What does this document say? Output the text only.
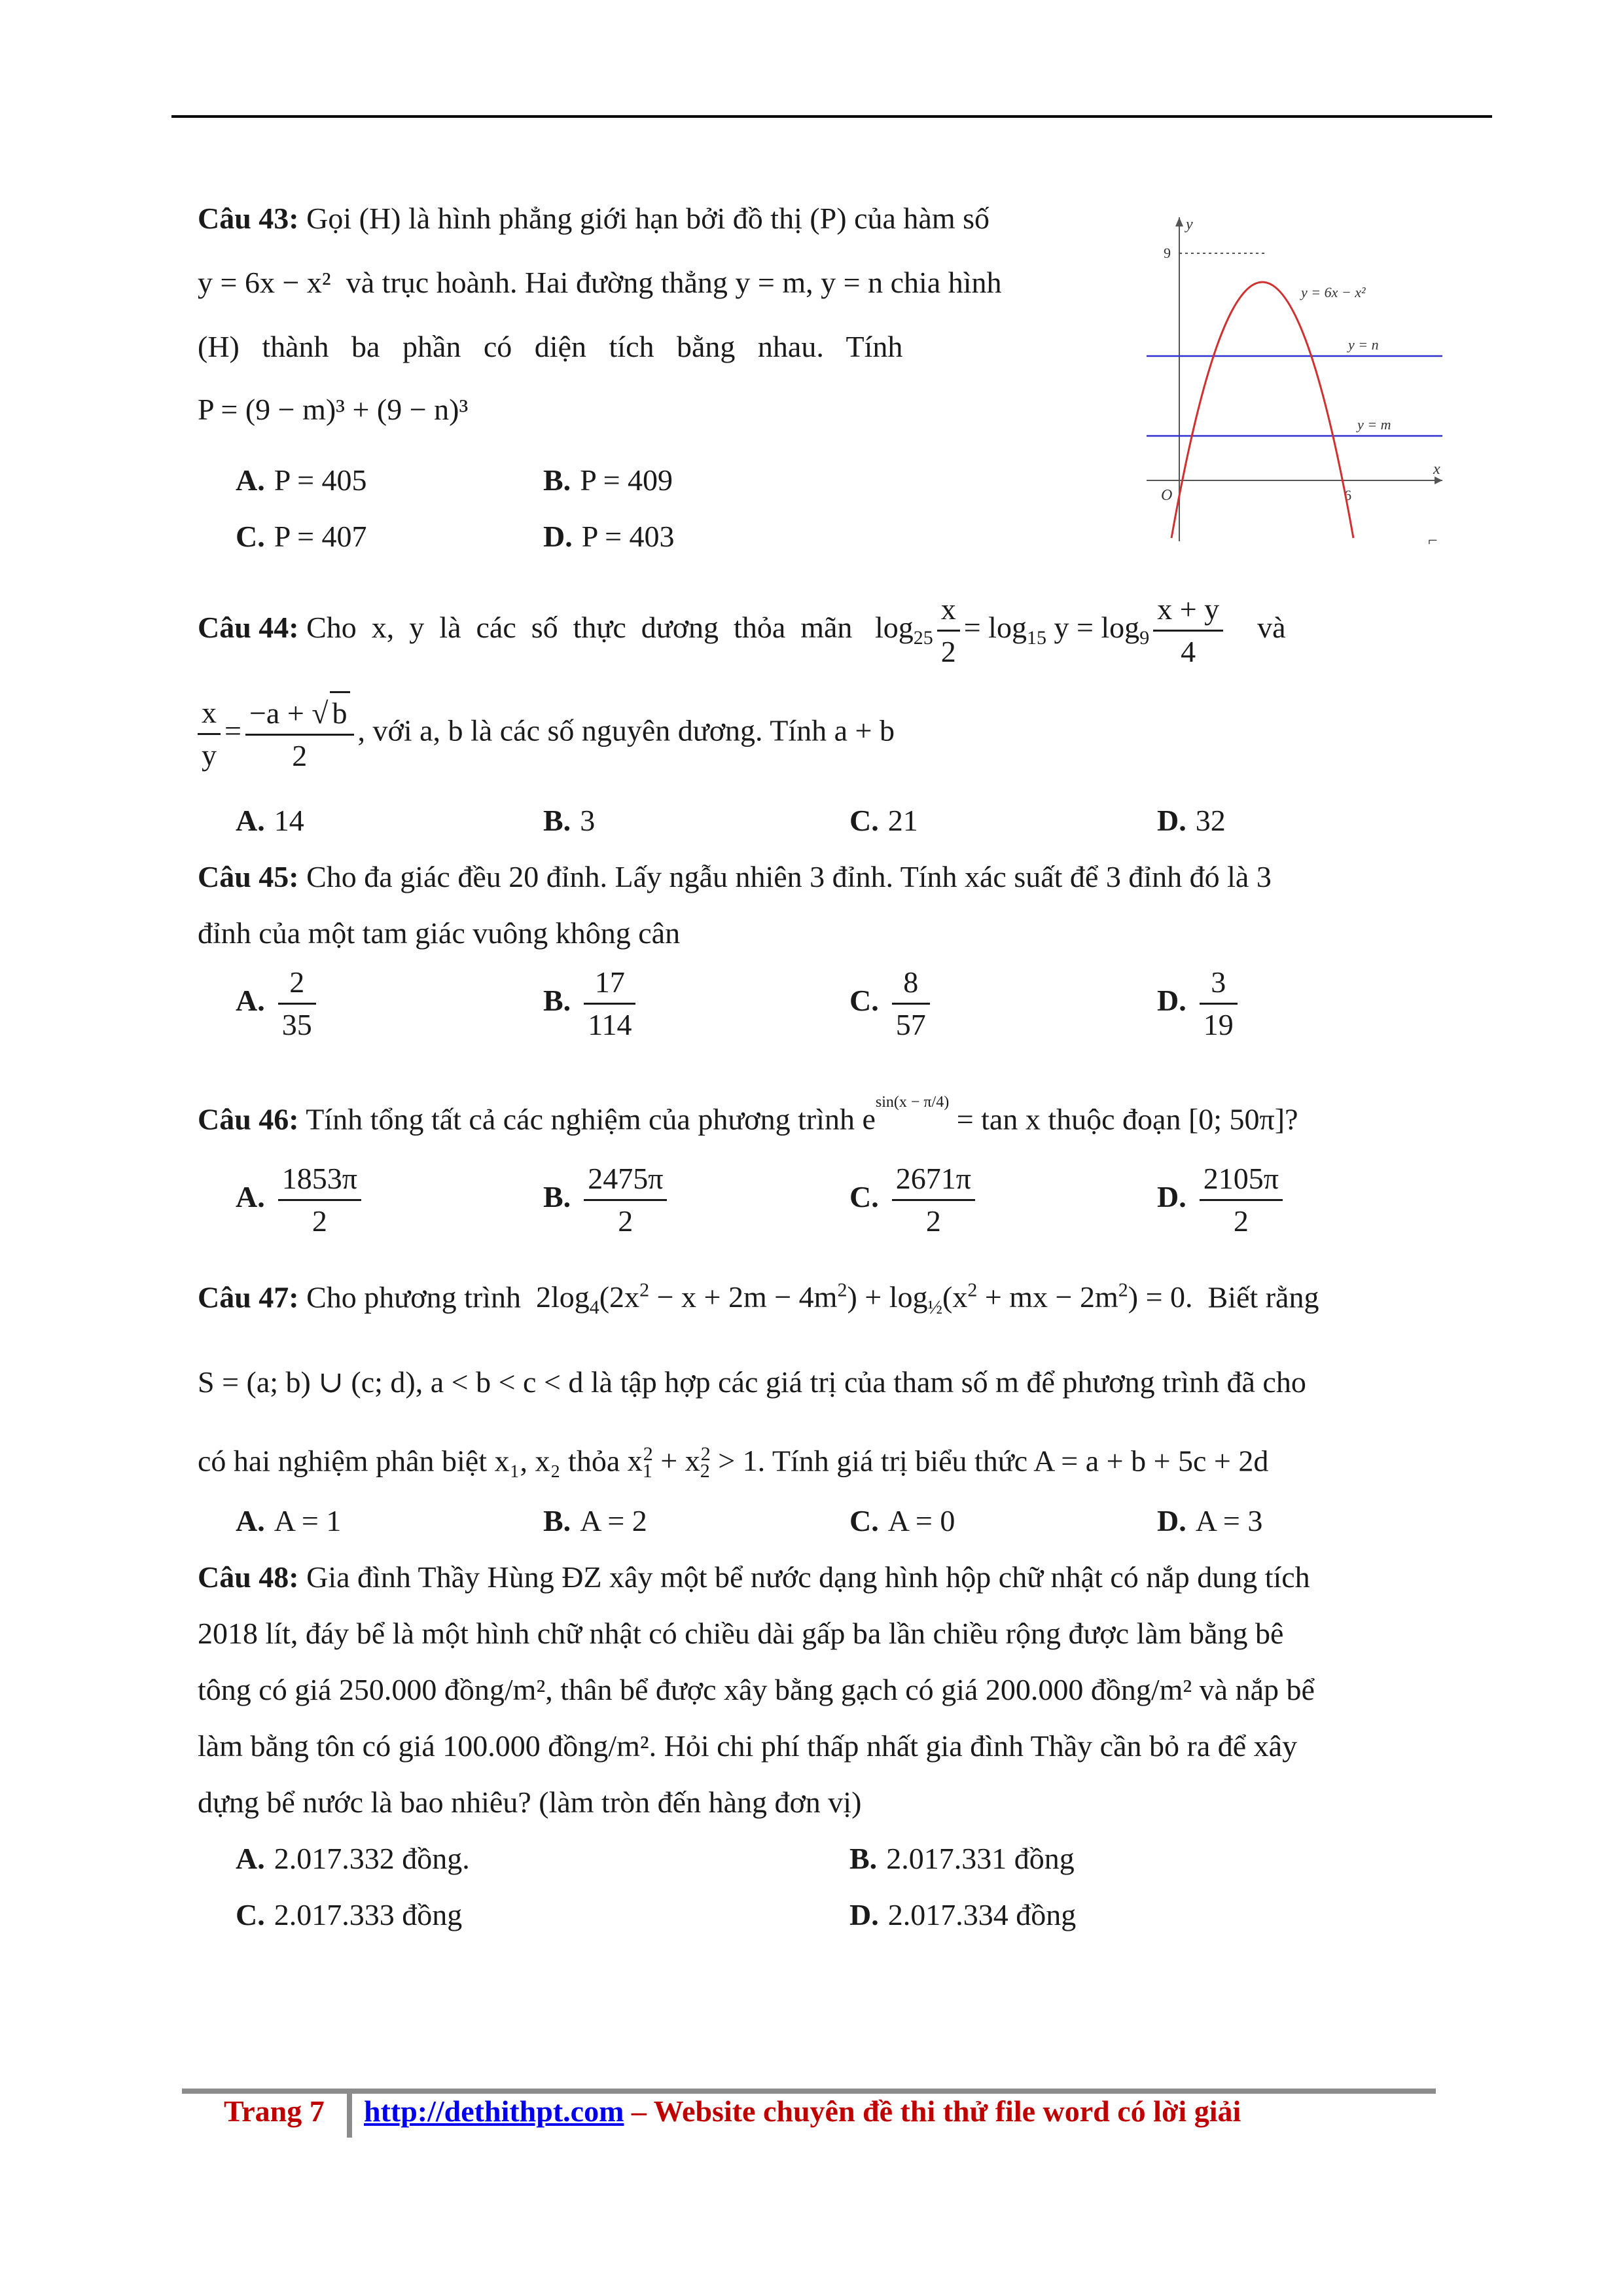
Câu 43: Gọi (H) là hình phẳng giới hạn bởi đồ thị (P) của hàm số
y = 6x − x² và trục hoành. Hai đường thẳng y = m, y = n chia hình
(H)   thành   ba   phần   có   diện   tích   bằng   nhau.   Tính
P = (9 − m)³ + (9 − n)³
A. P = 405	B. P = 409
C. P = 407	D. P = 403
y
x
O	6
9
y = n
y = m
y = 6x − x²
⌐
Câu 44: Cho  x,  y  là  các  số  thực  dương  thỏa  mãn $\log_{25} \frac{x}{2} = \log_{15} y = \log_9 \frac{x + y}{4}$ và
$\frac{x}{y} = \frac{-a + √ b}{2}$ , với a, b là các số nguyên dương. Tính a + b
A. 14	B. 3	C. 21	D. 32
Câu 45: Cho đa giác đều 20 đỉnh. Lấy ngẫu nhiên 3 đỉnh. Tính xác suất để 3 đỉnh đó là 3
đỉnh của một tam giác vuông không cân
A. $\frac{2}{35}$	B. $\frac{17}{114}$	C. $\frac{8}{57}$	D. $\frac{3}{19}$
Câu 46: Tính tổng tất cả các nghiệm của phương trình $e^{sin(x - \pi/4)} = \tan x$ thuộc đoạn [0; 50π]?
A. $\frac{1853\pi}{2}$	B. $\frac{2475\pi}{2}$	C. $\frac{2671\pi}{2}$	D. $\frac{2105\pi}{2}$
Câu 47: Cho phương trình $2\log_4(2x^2 - x + 2m - 4m^2) + \log_{\frac{1}{2}}(x^2$ + mx − $2m^2) = 0$. Biết rằng
S = (a; b) ∪ (c; d), a < b < c < d là tập hợp các giá trị của tham số m để phương trình đã cho
có hai nghiệm phân biệt x₁, x₂ thỏa $x_1^2 + x_2^2 > 1$. Tính giá trị biểu thức A = a + b + 5c + 2d
A. A = 1	B. A = 2	C. A = 0	D. A = 3
Câu 48: Gia đình Thầy Hùng ĐZ xây một bể nước dạng hình hộp chữ nhật có nắp dung tích
2018 lít, đáy bể là một hình chữ nhật có chiều dài gấp ba lần chiều rộng được làm bằng bê
tông có giá 250.000 đồng/m², thân bể được xây bằng gạch có giá 200.000 đồng/m² và nắp bể
làm bằng tôn có giá 100.000 đồng/m². Hỏi chi phí thấp nhất gia đình Thầy cần bỏ ra để xây
dựng bể nước là bao nhiêu? (làm tròn đến hàng đơn vị)
A. 2.017.332 đồng.	B. 2.017.331 đồng
C. 2.017.333 đồng	D. 2.017.334 đồng
Trang 7 http://dethithpt.com – Website chuyên đề thi thử file word có lời giải
